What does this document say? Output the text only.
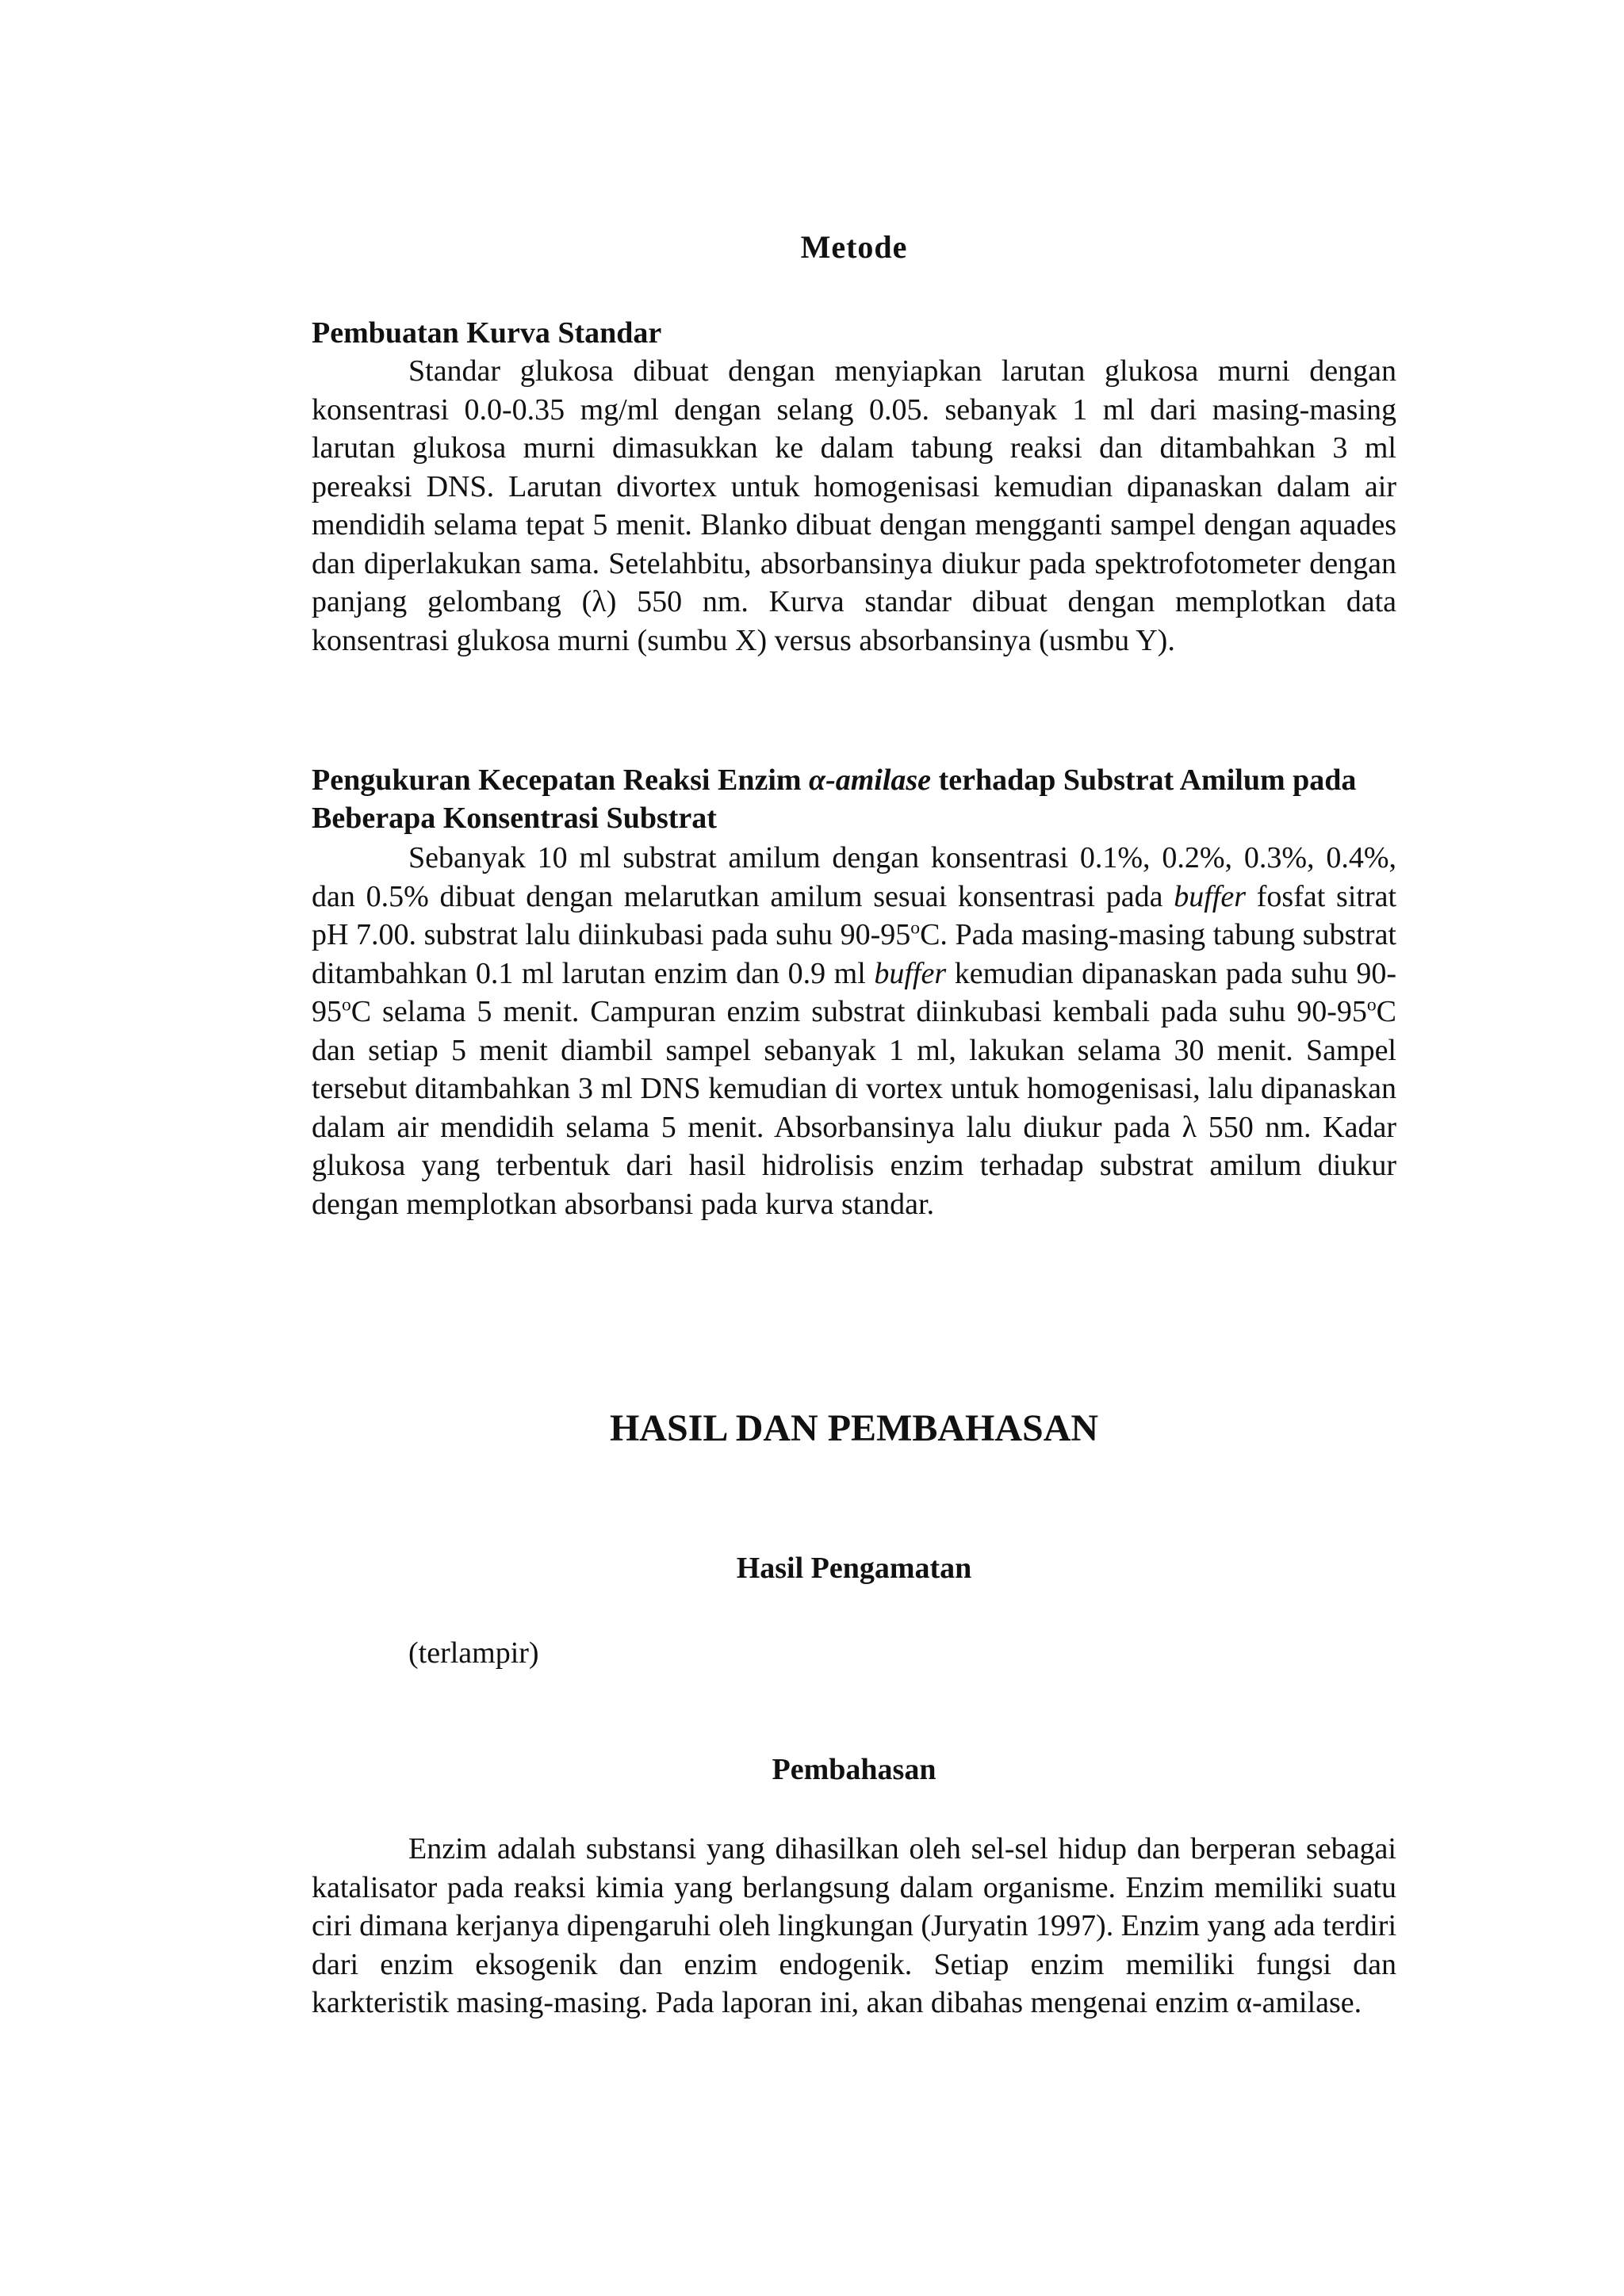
Metode
Pembuatan Kurva Standar

Standar glukosa dibuat dengan menyiapkan larutan glukosa murni dengan konsentrasi 0.0-0.35 mg/ml dengan selang 0.05. sebanyak 1 ml dari masing-masing larutan glukosa murni dimasukkan ke dalam tabung reaksi dan ditambahkan 3 ml pereaksi DNS. Larutan divortex untuk homogenisasi kemudian dipanaskan dalam air mendidih selama tepat 5 menit. Blanko dibuat dengan mengganti sampel dengan aquades dan diperlakukan sama. Setelahbitu, absorbansinya diukur pada spektrofotometer dengan panjang gelombang (λ) 550 nm. Kurva standar dibuat dengan memplotkan data konsentrasi glukosa murni (sumbu X) versus absorbansinya (usmbu Y).

Pengukuran Kecepatan Reaksi Enzim α-amilase terhadap Substrat Amilum pada Beberapa Konsentrasi Substrat

Sebanyak 10 ml substrat amilum dengan konsentrasi 0.1%, 0.2%, 0.3%, 0.4%, dan 0.5% dibuat dengan melarutkan amilum sesuai konsentrasi pada buffer fosfat sitrat pH 7.00. substrat lalu diinkubasi pada suhu 90-95$^o$C. Pada masing-masing tabung substrat ditambahkan 0.1 ml larutan enzim dan 0.9 ml buffer kemudian dipanaskan pada suhu 90-95$^o$C selama 5 menit. Campuran enzim substrat diinkubasi kembali pada suhu 90-95$^o$C dan setiap 5 menit diambil sampel sebanyak 1 ml, lakukan selama 30 menit. Sampel tersebut ditambahkan 3 ml DNS kemudian di vortex untuk homogenisasi, lalu dipanaskan dalam air mendidih selama 5 menit. Absorbansinya lalu diukur pada λ 550 nm. Kadar glukosa yang terbentuk dari hasil hidrolisis enzim terhadap substrat amilum diukur dengan memplotkan absorbansi pada kurva standar.

HASIL DAN PEMBAHASAN
Hasil Pengamatan

(terlampir)

Pembahasan

Enzim adalah substansi yang dihasilkan oleh sel-sel hidup dan berperan sebagai katalisator pada reaksi kimia yang berlangsung dalam organisme. Enzim memiliki suatu ciri dimana kerjanya dipengaruhi oleh lingkungan (Juryatin 1997). Enzim yang ada terdiri dari enzim eksogenik dan enzim endogenik. Setiap enzim memiliki fungsi dan karkteristik masing-masing. Pada laporan ini, akan dibahas mengenai enzim α-amilase.
